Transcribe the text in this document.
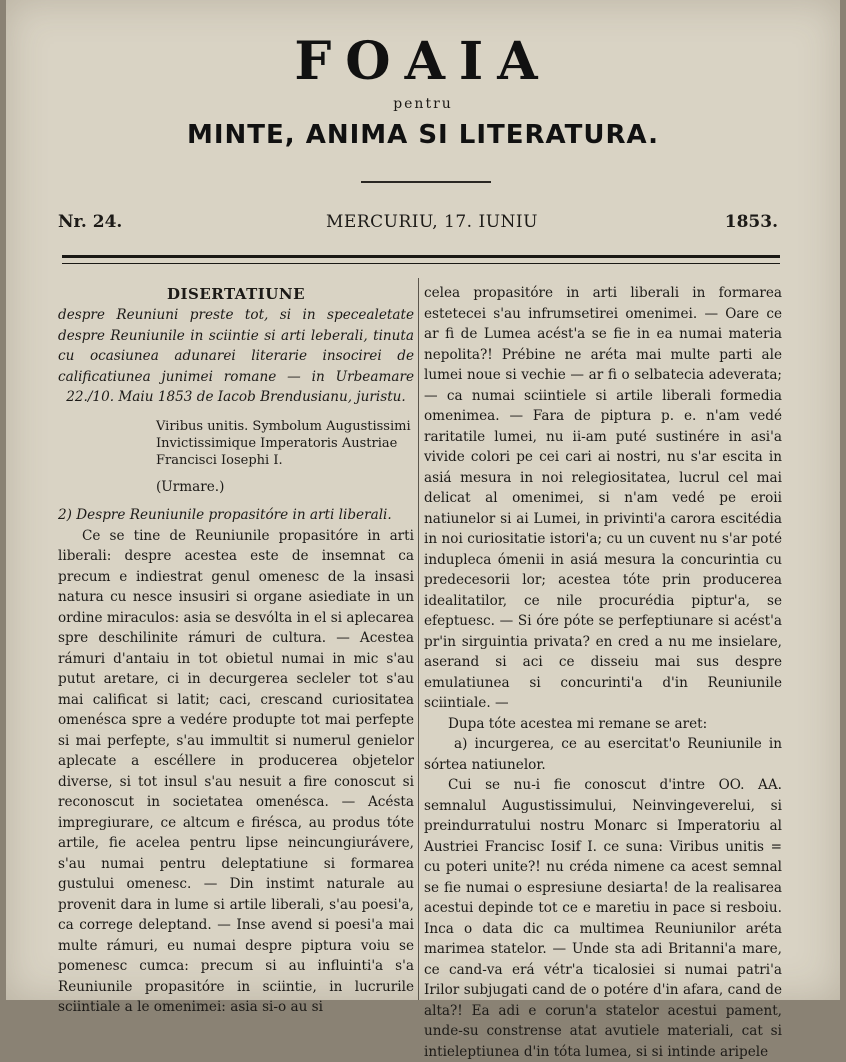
FOAIA
pentru
MINTE, ANIMA SI LITERATURA.
Nr. 24.	MERCURIU, 17. IUNIU	1853.
DISERTATIUNE
despre Reuniuni preste tot, si in specealetate despre Reuniunile in sciintie si arti leberali, tinuta cu ocasiunea adunarei literarie insocirei de calificatiunea junimei romane — in Urbeamare 22./10. Maiu 1853 de Iacob Brendusianu, juristu.
Viribus unitis. Symbolum Augustissimi Invictissimique Imperatoris Austriae Francisci Iosephi I.
(Urmare.)
2) Despre Reuniunile propasitóre in arti liberali.
Ce se tine de Reuniunile propasitóre in arti liberali: despre acestea este de insemnat ca precum e indiestrat genul omenesc de la insasi natura cu nesce insusiri si organe asiediate in un ordine miraculos: asia se desvólta in el si aplecarea spre deschilinite rámuri de cultura. — Acestea rámuri d'antaiu in tot obietul numai in mic s'au putut aretare, ci in decurgerea secleler tot s'au mai calificat si latit; caci, crescand curiositatea omenésca spre a vedére produpte tot mai perfepte si mai perfepte, s'au immultit si numerul genielor aplecate a escéllere in producerea objetelor diverse, si tot insul s'au nesuit a fire conoscut si reconoscut in societatea omenésca. — Acésta impregiurare, ce altcum e firésca, au produs tóte artile, fie acelea pentru lipse neincungiurávere, s'au numai pentru deleptatiune si formarea gustului omenesc. — Din instimt naturale au provenit dara in lume si artile liberali, s'au poesi'a, ca correge deleptand. — Inse avend si poesi'a mai multe rámuri, eu numai despre piptura voiu se pomenesc cumca: precum si au influinti'a s'a Reuniunile propasitóre in sciintie, in lucrurile sciintiale a le omenimei: asia si-o au si
celea propasitóre in arti liberali in formarea estetecei s'au infrumsetirei omenimei. — Oare ce ar fi de Lumea acést'a se fie in ea numai materia nepolita?! Prébine ne aréta mai multe parti ale lumei noue si vechie — ar fi o selbatecia adeverata; — ca numai sciintiele si artile liberali formedia omenimea. — Fara de piptura p. e. n'am vedé raritatile lumei, nu ii-am puté sustinére in asi'a vivide colori pe cei cari ai nostri, nu s'ar escita in asiá mesura in noi relegiositatea, lucrul cel mai delicat al omenimei, si n'am vedé pe eroii natiunelor si ai Lumei, in privinti'a carora escitédia in noi curiositatie istori'a; cu un cuvent nu s'ar poté indupleca ómenii in asiá mesura la concurintia cu predecesorii lor; acestea tóte prin producerea idealitatilor, ce nile procurédia piptur'a, se efeptuesc. — Si óre póte se perfeptiunare si acést'a pr'in sirguintia privata? en cred a nu me insielare, aserand si aci ce disseiu mai sus despre emulatiunea si concurinti'a d'in Reuniunile sciintiale. —
Dupa tóte acestea mi remane se aret:
a) incurgerea, ce au esercitat'o Reuniunile in sórtea natiunelor.
Cui se nu-i fie conoscut d'intre OO. AA. semnalul Augustissimului, Neinvingeverelui, si preindurratului nostru Monarc si Imperatoriu al Austriei Francisc Iosif I. ce suna: Viribus unitis = cu poteri unite?! nu créda nimene ca acest semnal se fie numai o espresiune desiarta! de la realisarea acestui depinde tot ce e maretiu in pace si resboiu. Inca o data dic ca multimea Reuniunilor aréta marimea statelor. — Unde sta adi Britanni'a mare, ce cand-va erá vétr'a ticalosiei si numai patri'a Irilor subjugati cand de o potére d'in afara, cand de alta?! Ea adi e corun'a statelor acestui pament, unde-su constrense atat avutiele materiali, cat si intieleptiunea d'in tóta lumea, si si intinde aripele
